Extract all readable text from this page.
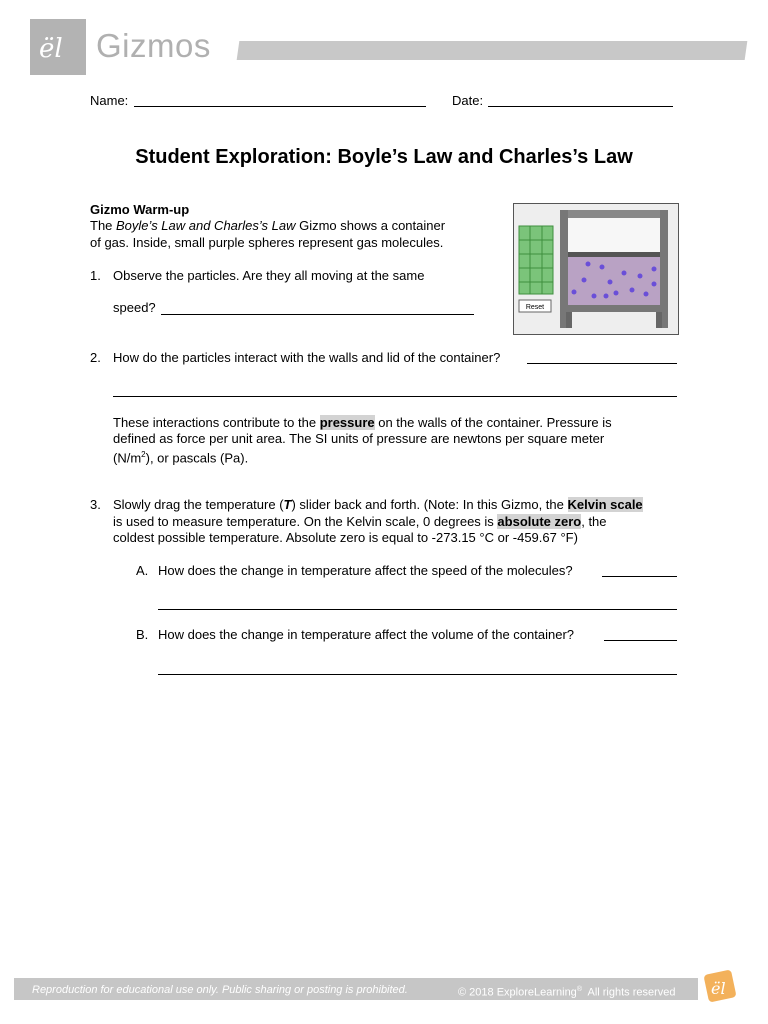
ël Gizmos
Name:	Date:
Student Exploration: Boyle’s Law and Charles’s Law
Gizmo Warm-up
The Boyle’s Law and Charles’s Law Gizmo shows a container
of gas. Inside, small purple spheres represent gas molecules.
Reset
1. Observe the particles. Are they all moving at the same
speed?
2. How do the particles interact with the walls and lid of the container?
These interactions contribute to the pressure on the walls of the container. Pressure is
defined as force per unit area. The SI units of pressure are newtons per square meter
$(N/m^2)$, or pascals (Pa).
3. Slowly drag the temperature (T) slider back and forth. (Note: In this Gizmo, the Kelvin scale
is used to measure temperature. On the Kelvin scale, 0 degrees is absolute zero, the
coldest possible temperature. Absolute zero is equal to -273.15 °C or -459.67 °F)
A. How does the change in temperature affect the speed of the molecules?
B. How does the change in temperature affect the volume of the container?
Reproduction for educational use only. Public sharing or posting is prohibited.	© 2018 ExploreLearning®  All rights reserved ël
